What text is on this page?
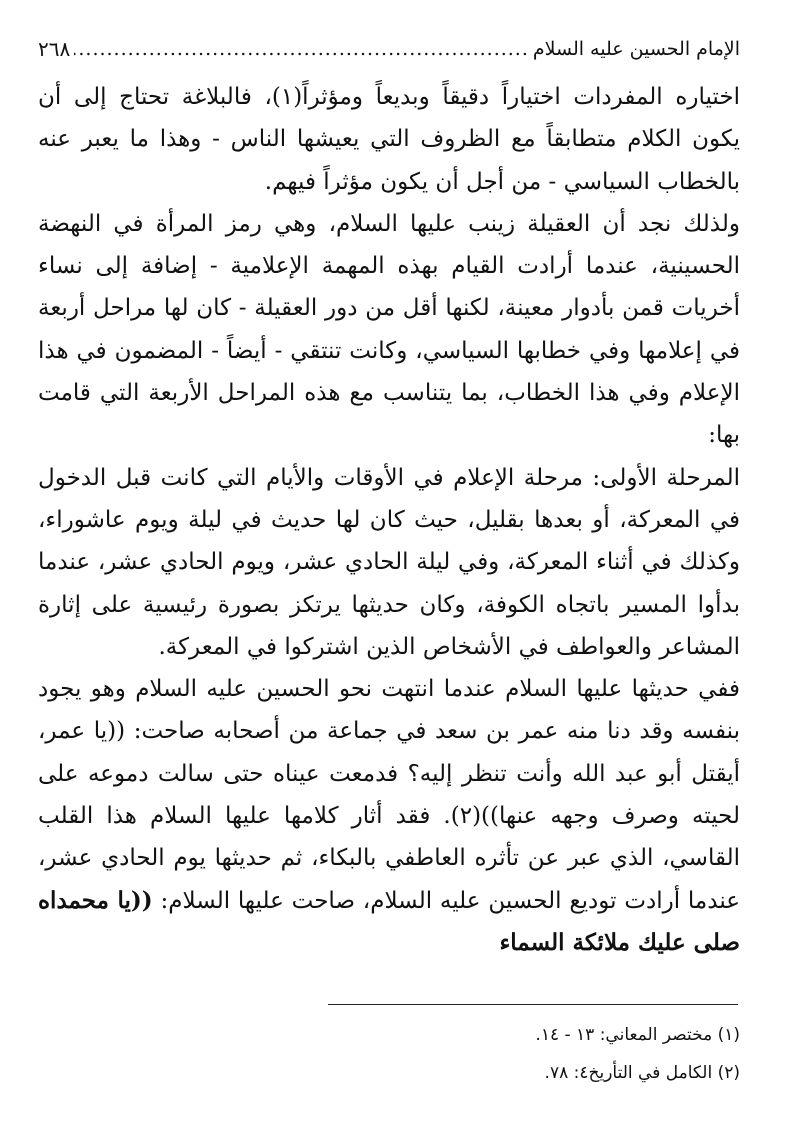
الإمام الحسين عليه السلام
.....
٢٦٨

اختياره المفردات اختياراً دقيقاً وبديعاً ومؤثراً(١)، فالبلاغة تحتاج إلى أن يكون الكلام متطابقاً مع الظروف التي يعيشها الناس - وهذا ما يعبر عنه بالخطاب السياسي - من أجل أن يكون مؤثراً فيهم.

ولذلك نجد أن العقيلة زينب عليها السلام، وهي رمز المرأة في النهضة الحسينية، عندما أرادت القيام بهذه المهمة الإعلامية - إضافة إلى نساء أخريات قمن بأدوار معينة، لكنها أقل من دور العقيلة - كان لها مراحل أربعة في إعلامها وفي خطابها السياسي، وكانت تنتقي - أيضاً - المضمون في هذا الإعلام وفي هذا الخطاب، بما يتناسب مع هذه المراحل الأربعة التي قامت بها:

المرحلة الأولى: مرحلة الإعلام في الأوقات والأيام التي كانت قبل الدخول في المعركة، أو بعدها بقليل، حيث كان لها حديث في ليلة ويوم عاشوراء، وكذلك في أثناء المعركة، وفي ليلة الحادي عشر، ويوم الحادي عشر، عندما بدأوا المسير باتجاه الكوفة، وكان حديثها يرتكز بصورة رئيسية على إثارة المشاعر والعواطف في الأشخاص الذين اشتركوا في المعركة.

ففي حديثها عليها السلام عندما انتهت نحو الحسين عليه السلام وهو يجود بنفسه وقد دنا منه عمر بن سعد في جماعة من أصحابه صاحت: ((يا عمر، أيقتل أبو عبد الله وأنت تنظر إليه؟ فدمعت عيناه حتى سالت دموعه على لحيته وصرف وجهه عنها))(٢). فقد أثار كلامها عليها السلام هذا القلب القاسي، الذي عبر عن تأثره العاطفي بالبكاء، ثم حديثها يوم الحادي عشر، عندما أرادت توديع الحسين عليه السلام، صاحت عليها السلام: ((يا محمداه صلى عليك ملائكة السماء

(١) مختصر المعاني: ١٣ - ١٤.

(٢) الكامل في التأريخ٤: ٧٨.
